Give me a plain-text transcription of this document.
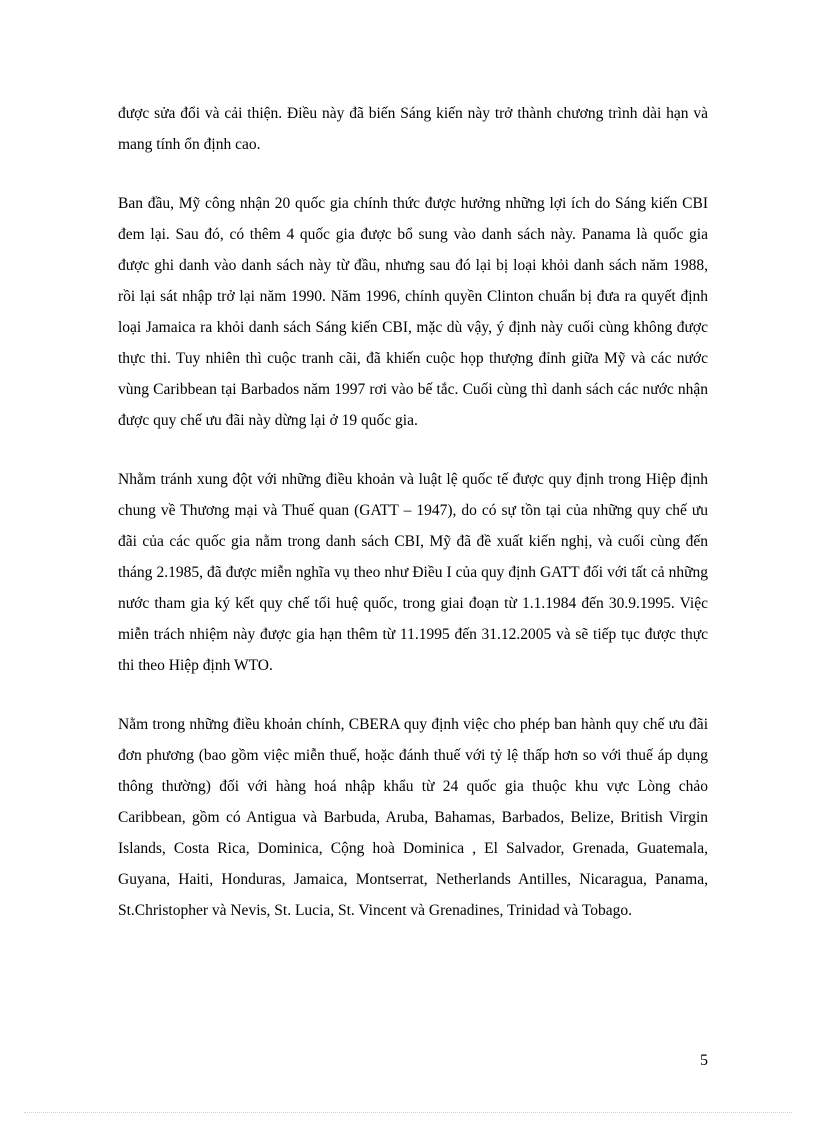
được sửa đổi và cải thiện. Điều này đã biến Sáng kiến này trở thành chương trình dài hạn và mang tính ổn định cao.

Ban đầu, Mỹ công nhận 20 quốc gia chính thức được hưởng những lợi ích do Sáng kiến CBI đem lại. Sau đó, có thêm 4 quốc gia được bổ sung vào danh sách này. Panama là quốc gia được ghi danh vào danh sách này từ đầu, nhưng sau đó lại bị loại khỏi danh sách năm 1988, rồi lại sát nhập trở lại năm 1990. Năm 1996, chính quyền Clinton chuẩn bị đưa ra quyết định loại Jamaica ra khỏi danh sách Sáng kiến CBI, mặc dù vậy, ý định này cuối cùng không được thực thi. Tuy nhiên thì cuộc tranh cãi, đã khiến cuộc họp thượng đỉnh giữa Mỹ và các nước vùng Caribbean tại Barbados năm 1997 rơi vào bế tắc. Cuối cùng thì danh sách các nước nhận được quy chế ưu đãi này dừng lại ở 19 quốc gia.

Nhằm tránh xung đột với những điều khoản và luật lệ quốc tế được quy định trong Hiệp định chung về Thương mại và Thuế quan (GATT – 1947), do có sự tồn tại của những quy chế ưu đãi của các quốc gia nằm trong danh sách CBI, Mỹ đã đề xuất kiến nghị, và cuối cùng đến tháng 2.1985, đã được miễn nghĩa vụ theo như Điều I của quy định GATT đối với tất cả những nước tham gia ký kết quy chế tối huệ quốc, trong giai đoạn từ 1.1.1984 đến 30.9.1995. Việc miễn trách nhiệm này được gia hạn thêm từ 11.1995 đến 31.12.2005 và sẽ tiếp tục được thực thi theo Hiệp định WTO.

Nằm trong những điều khoản chính, CBERA quy định việc cho phép ban hành quy chế ưu đãi đơn phương (bao gồm việc miễn thuế, hoặc đánh thuế với tỷ lệ thấp hơn so với thuế áp dụng thông thường) đối với hàng hoá nhập khẩu từ 24 quốc gia thuộc khu vực Lòng chảo Caribbean, gồm có Antigua và Barbuda, Aruba, Bahamas, Barbados, Belize, British Virgin Islands, Costa Rica, Dominica, Cộng hoà Dominica , El Salvador, Grenada, Guatemala, Guyana, Haiti, Honduras, Jamaica, Montserrat, Netherlands Antilles, Nicaragua, Panama, St.Christopher và Nevis, St. Lucia, St. Vincent và Grenadines, Trinidad và Tobago.

5
